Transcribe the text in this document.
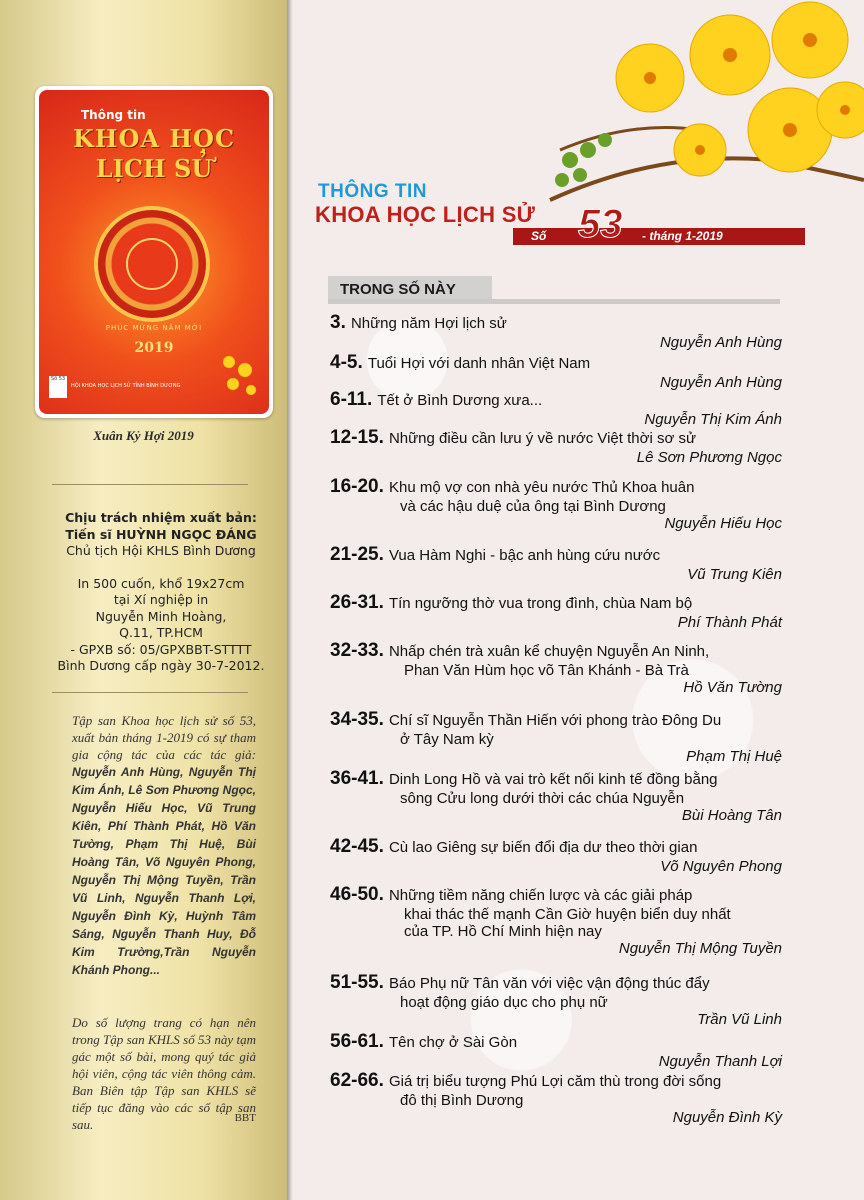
Thông tin
KHOA HỌC
LỊCH SỬ
PHÚC MỪNG NĂM MỚI
2019
Số 53
HỘI KHOA HỌC LỊCH SỬ TỈNH BÌNH DƯƠNG
Xuân Kỷ Hợi 2019
Chịu trách nhiệm xuất bản:
Tiến sĩ HUỲNH NGỌC ĐÁNG
Chủ tịch Hội KHLS Bình Dương
In 500 cuốn, khổ 19x27cm
tại Xí nghiệp in
Nguyễn Minh Hoàng,
Q.11, TP.HCM
- GPXB số: 05/GPXBBT-STTTT
Bình Dương cấp ngày 30-7-2012.
Tập san Khoa học lịch sử số 53, xuất bản tháng 1-2019 có sự tham gia cộng tác của các tác giả: Nguyễn Anh Hùng, Nguyễn Thị Kim Ánh, Lê Sơn Phương Ngọc, Nguyễn Hiếu Học, Vũ Trung Kiên, Phí Thành Phát, Hồ Văn Tường, Phạm Thị Huệ, Bùi Hoàng Tân, Võ Nguyên Phong, Nguyễn Thị Mộng Tuyền, Trần Vũ Linh, Nguyễn Thanh Lợi, Nguyễn Đình Kỳ, Huỳnh Tâm Sáng, Nguyễn Thanh Huy, Đỗ Kim Trường,Trần Nguyễn Khánh Phong...
Do số lượng trang có hạn nên trong Tập san KHLS số 53 này tạm gác một số bài, mong quý tác giả hội viên, cộng tác viên thông cảm. Ban Biên tập Tập san KHLS sẽ tiếp tục đăng vào các số tập san sau.	BBT
THÔNG TIN
KHOA HỌC LỊCH SỬ
Số 53 - tháng 1-2019
TRONG SỐ NÀY
3. Những năm Hợi lịch sử
Nguyễn Anh Hùng
4-5. Tuổi Hợi với danh nhân Việt Nam
Nguyễn Anh Hùng
6-11. Tết ở Bình Dương xưa...
Nguyễn Thị Kim Ánh
12-15. Những điều cần lưu ý về nước Việt thời sơ sử
Lê Sơn Phương Ngọc
16-20. Khu mộ vợ con nhà yêu nước Thủ Khoa huân
và các hậu duệ của ông tại Bình Dương
Nguyễn Hiếu Học
21-25. Vua Hàm Nghi - bậc anh hùng cứu nước
Vũ Trung Kiên
26-31. Tín ngưỡng thờ vua trong đình, chùa Nam bộ
Phí Thành Phát
32-33. Nhấp chén trà xuân kể chuyện Nguyễn An Ninh,
Phan Văn Hùm học võ Tân Khánh - Bà Trà
Hồ Văn Tường
34-35. Chí sĩ Nguyễn Thần Hiến với phong trào Đông Du
ở Tây Nam kỳ
Phạm Thị Huệ
36-41. Dinh Long Hồ và vai trò kết nối kinh tế đồng bằng
sông Cửu long dưới thời các chúa Nguyễn
Bùi Hoàng Tân
42-45. Cù lao Giêng sự biến đổi địa dư theo thời gian
Võ Nguyên Phong
46-50. Những tiềm năng chiến lược và các giải pháp
khai thác thế mạnh Cần Giờ huyện biển duy nhất
của TP. Hồ Chí Minh hiện nay
Nguyễn Thị Mộng Tuyền
51-55. Báo Phụ nữ Tân văn với việc vận động thúc đẩy
hoạt động giáo dục cho phụ nữ
Trần Vũ Linh
56-61. Tên chợ ở Sài Gòn
Nguyễn Thanh Lợi
62-66. Giá trị biểu tượng Phú Lợi căm thù trong đời sống
đô thị Bình Dương
Nguyễn Đình Kỳ
